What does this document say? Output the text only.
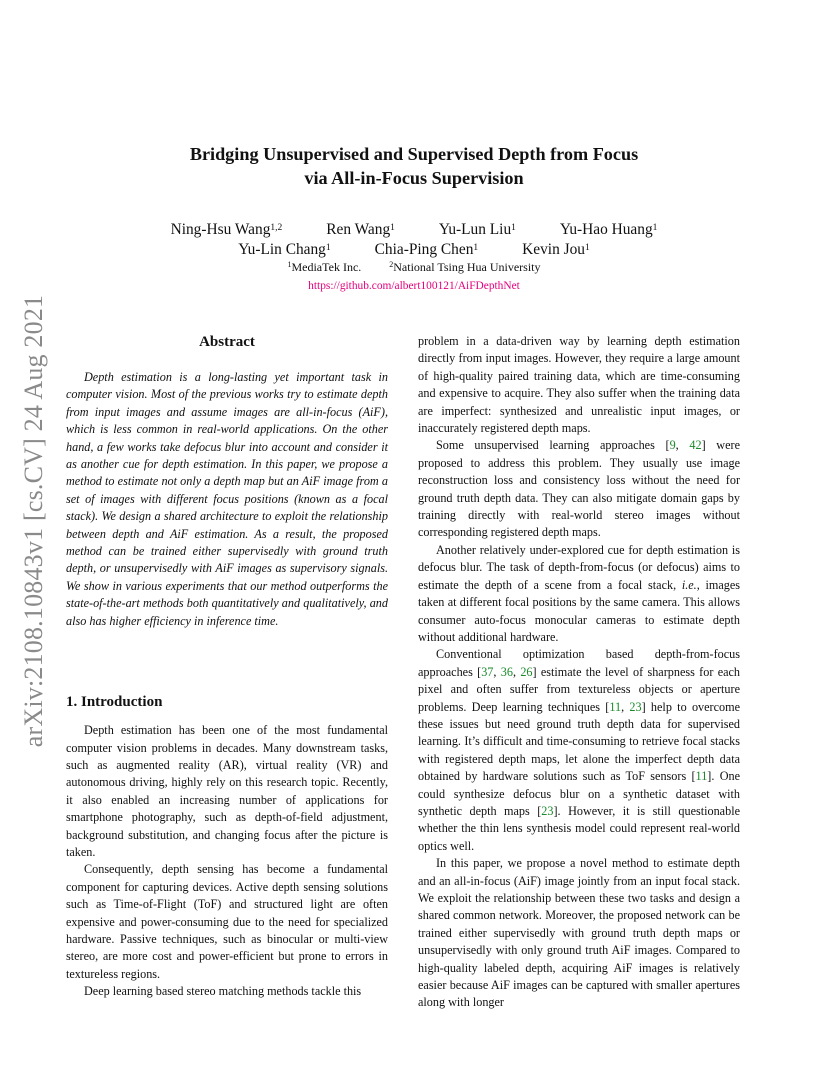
arXiv:2108.10843v1 [cs.CV] 24 Aug 2021
Bridging Unsupervised and Supervised Depth from Focus
via All-in-Focus Supervision
Ning-Hsu Wang$^{1,2}$	Ren Wang$^1$	Yu-Lun Liu$^1$	Yu-Hao Huang$^1$
Yu-Lin Chang$^1$	Chia-Ping Chen$^1$	Kevin Jou$^1$
$^1$MediaTek Inc.	$^2$National Tsing Hua University
https://github.com/albert100121/AiFDepthNet
Abstract

Depth estimation is a long-lasting yet important task in computer vision. Most of the previous works try to estimate depth from input images and assume images are all-in-focus (AiF), which is less common in real-world applications. On the other hand, a few works take defocus blur into account and consider it as another cue for depth estimation. In this paper, we propose a method to estimate not only a depth map but an AiF image from a set of images with different focus positions (known as a focal stack). We design a shared architecture to exploit the relationship between depth and AiF estimation. As a result, the proposed method can be trained either supervisedly with ground truth depth, or unsupervisedly with AiF images as supervisory signals. We show in various experiments that our method outperforms the state-of-the-art methods both quantitatively and qualitatively, and also has higher efficiency in inference time.

1. Introduction

Depth estimation has been one of the most fundamental computer vision problems in decades. Many downstream tasks, such as augmented reality (AR), virtual reality (VR) and autonomous driving, highly rely on this research topic. Recently, it also enabled an increasing number of applications for smartphone photography, such as depth-of-field adjustment, background substitution, and changing focus after the picture is taken.

Consequently, depth sensing has become a fundamental component for capturing devices. Active depth sensing solutions such as Time-of-Flight (ToF) and structured light are often expensive and power-consuming due to the need for specialized hardware. Passive techniques, such as binocular or multi-view stereo, are more cost and power-efficient but prone to errors in textureless regions.

Deep learning based stereo matching methods tackle this

problem in a data-driven way by learning depth estimation directly from input images. However, they require a large amount of high-quality paired training data, which are time-consuming and expensive to acquire. They also suffer when the training data are imperfect: synthesized and unrealistic input images, or inaccurately registered depth maps.

Some unsupervised learning approaches [9, 42] were proposed to address this problem. They usually use image reconstruction loss and consistency loss without the need for ground truth depth data. They can also mitigate domain gaps by training directly with real-world stereo images without corresponding registered depth maps.

Another relatively under-explored cue for depth estimation is defocus blur. The task of depth-from-focus (or defocus) aims to estimate the depth of a scene from a focal stack, i.e., images taken at different focal positions by the same camera. This allows consumer auto-focus monocular cameras to estimate depth without additional hardware.

Conventional optimization based depth-from-focus approaches [37, 36, 26] estimate the level of sharpness for each pixel and often suffer from textureless objects or aperture problems. Deep learning techniques [11, 23] help to overcome these issues but need ground truth depth data for supervised learning. It’s difficult and time-consuming to retrieve focal stacks with registered depth maps, let alone the imperfect depth data obtained by hardware solutions such as ToF sensors [11]. One could synthesize defocus blur on a synthetic dataset with synthetic depth maps [23]. However, it is still questionable whether the thin lens synthesis model could represent real-world optics well.

In this paper, we propose a novel method to estimate depth and an all-in-focus (AiF) image jointly from an input focal stack. We exploit the relationship between these two tasks and design a shared common network. Moreover, the proposed network can be trained either supervisedly with ground truth depth maps or unsupervisedly with only ground truth AiF images. Compared to high-quality labeled depth, acquiring AiF images is relatively easier because AiF images can be captured with smaller apertures along with longer
